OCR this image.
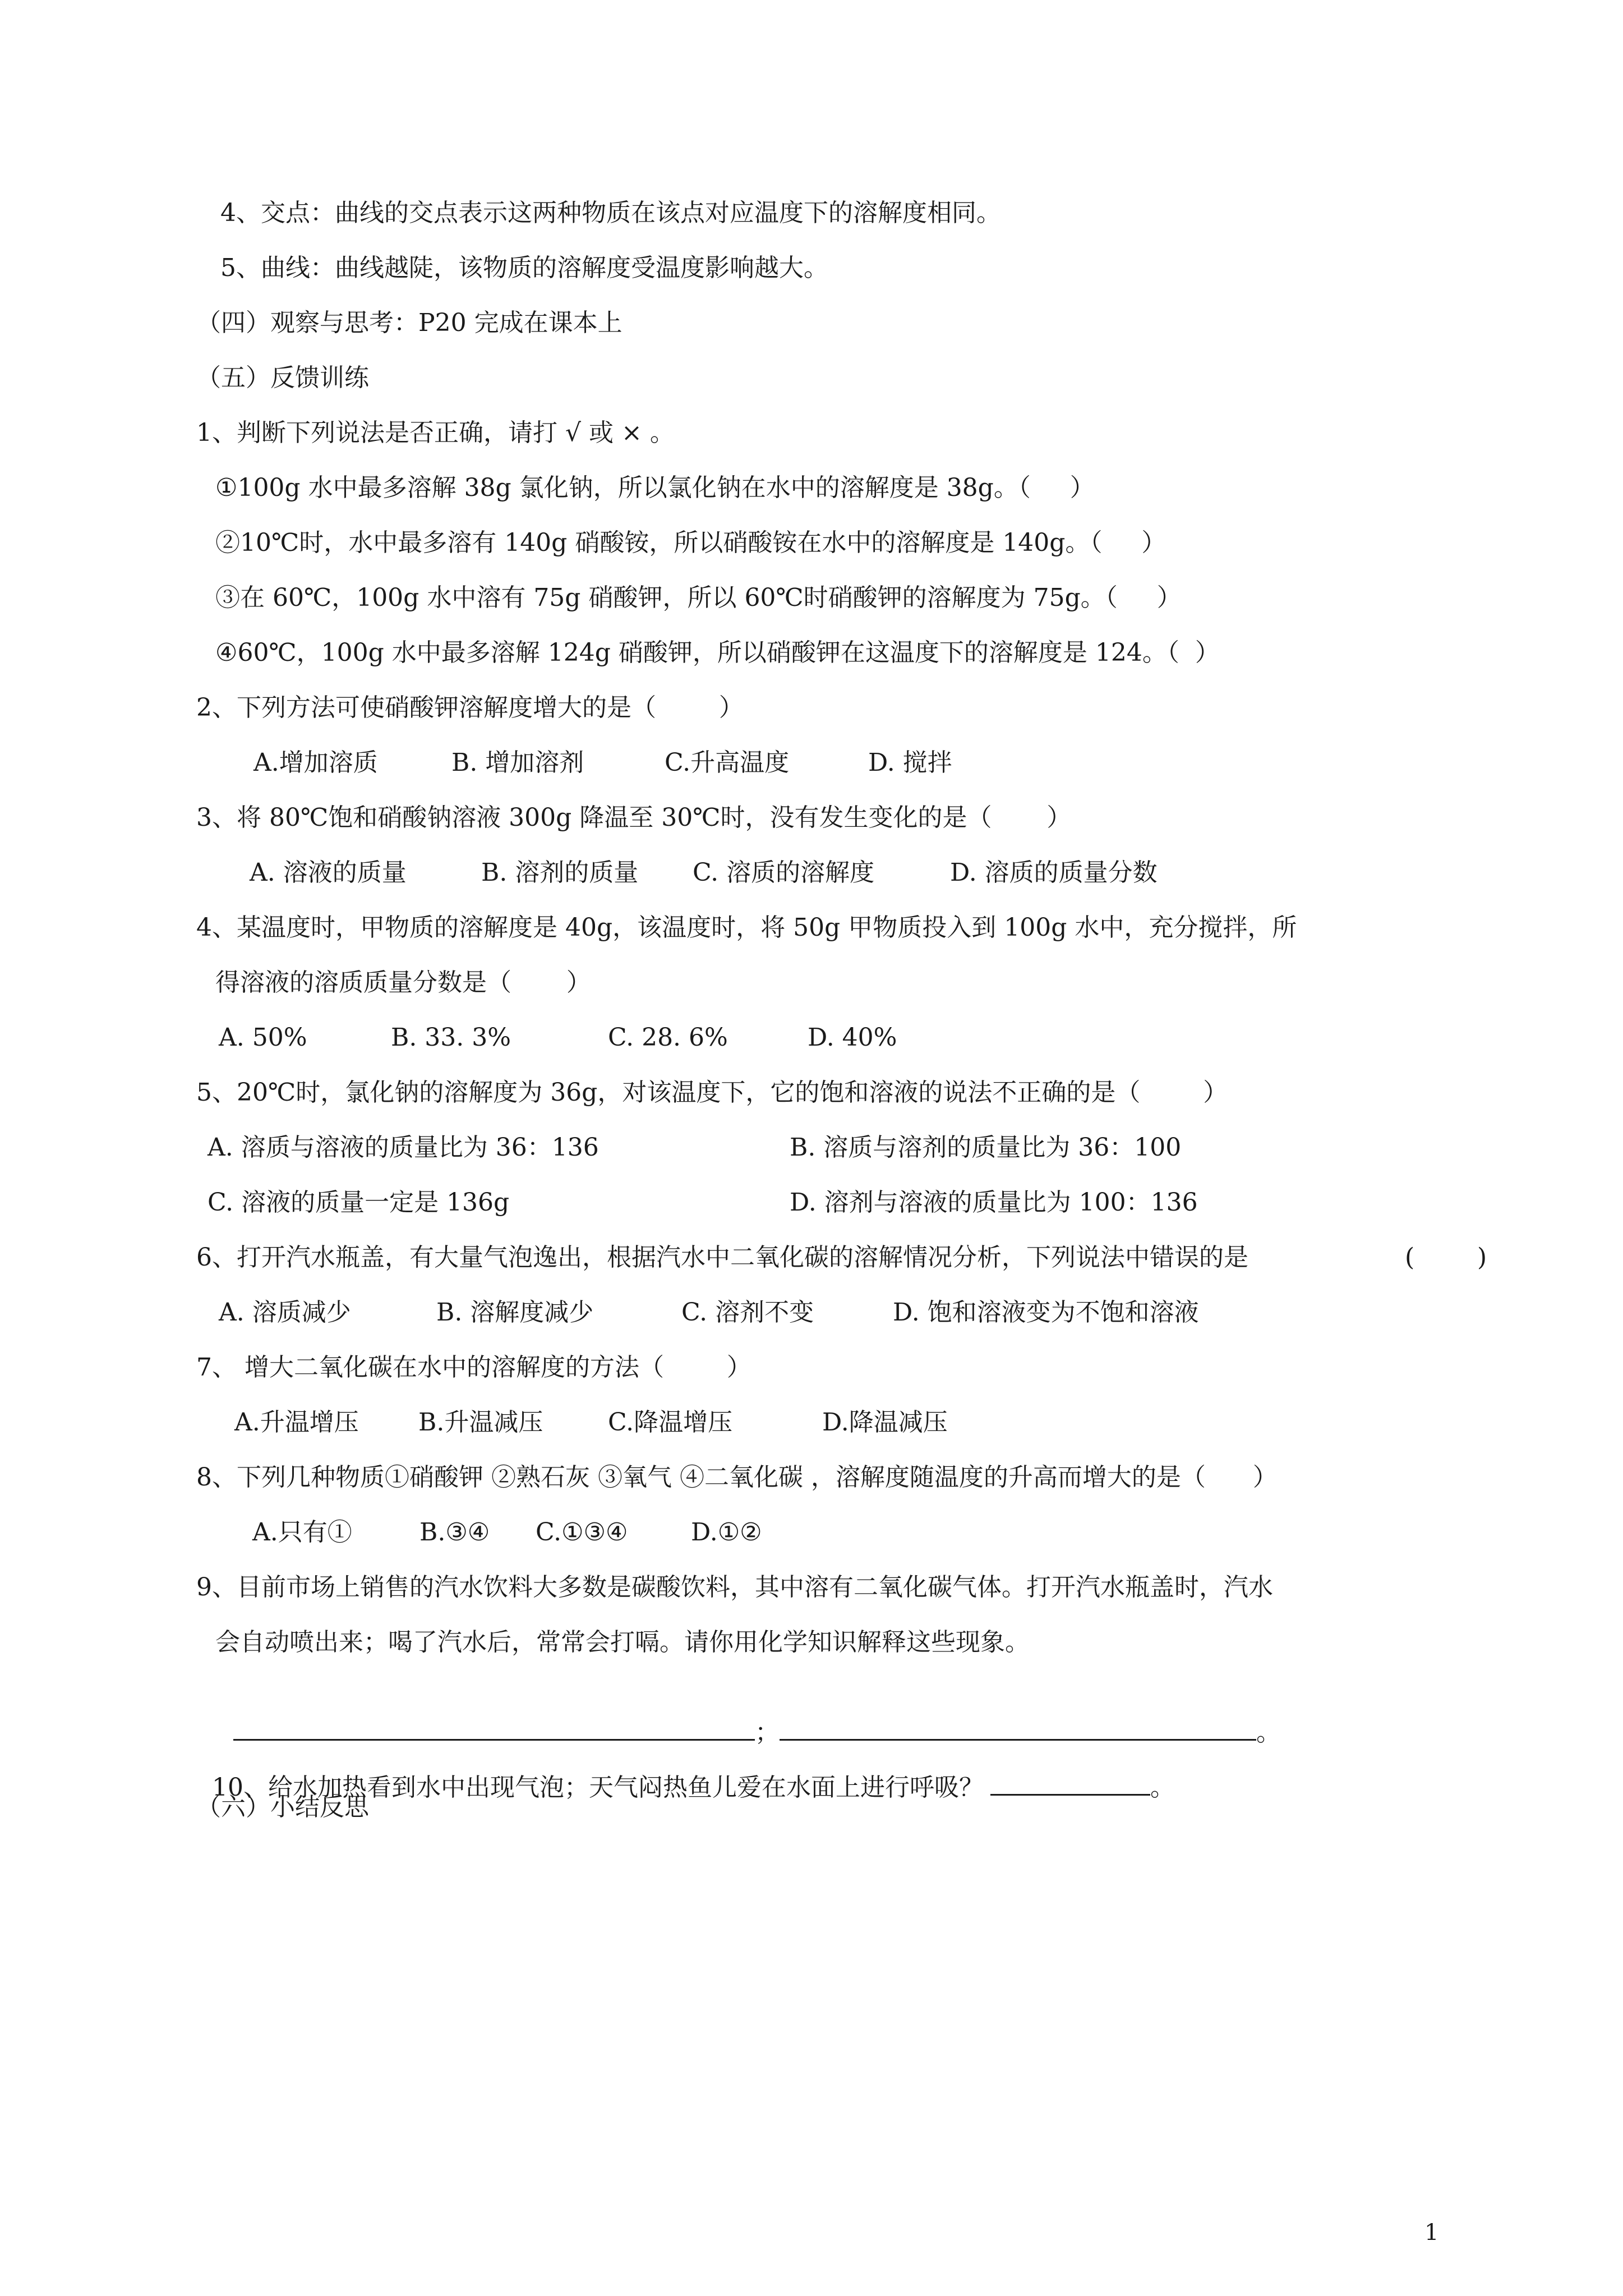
4、交点：曲线的交点表示这两种物质在该点对应温度下的溶解度相同。
5、曲线：曲线越陡，该物质的溶解度受温度影响越大。
（四）观察与思考：P20 完成在课本上
（五）反馈训练
1、判断下列说法是否正确，请打 √ 或 × 。
①100g 水中最多溶解 38g 氯化钠，所以氯化钠在水中的溶解度是 38g。（     ）
②10℃时，水中最多溶有 140g 硝酸铵，所以硝酸铵在水中的溶解度是 140g。（     ）
③在 60℃，100g 水中溶有 75g 硝酸钾，所以 60℃时硝酸钾的溶解度为 75g。（     ）
④60℃，100g 水中最多溶解 124g 硝酸钾，所以硝酸钾在这温度下的溶解度是 124。（  ）
2、下列方法可使硝酸钾溶解度增大的是（        ）
A.增加溶质	B. 增加溶剂	C.升高温度	D. 搅拌
3、将 80℃饱和硝酸钠溶液 300g 降温至 30℃时，没有发生变化的是（       ）
A. 溶液的质量	B. 溶剂的质量 C. 溶质的溶解度	D. 溶质的质量分数
4、某温度时，甲物质的溶解度是 40g，该温度时，将 50g 甲物质投入到 100g 水中，充分搅拌，所
得溶液的溶质质量分数是（       ）
A. 50%	B. 33. 3%	C. 28. 6%	D. 40%
5、20℃时，氯化钠的溶解度为 36g，对该温度下，它的饱和溶液的说法不正确的是（        ）
A. 溶质与溶液的质量比为 36：136	B. 溶质与溶剂的质量比为 36：100
C. 溶液的质量一定是 136g	D. 溶剂与溶液的质量比为 100：136
6、打开汽水瓶盖，有大量气泡逸出，根据汽水中二氧化碳的溶解情况分析，下列说法中错误的是	(        )
A. 溶质减少	B. 溶解度减少	C. 溶剂不变	D. 饱和溶液变为不饱和溶液
7、 增大二氧化碳在水中的溶解度的方法（        ）
A.升温增压 B.升温减压	C.降温增压	D.降温减压
8、下列几种物质①硝酸钾 ②熟石灰 ③氧气 ④二氧化碳 ，溶解度随温度的升高而增大的是（      ）
A.只有①	B.③④ C.①③④	D.①②
9、目前市场上销售的汽水饮料大多数是碳酸饮料，其中溶有二氧化碳气体。打开汽水瓶盖时，汽水
会自动喷出来；喝了汽水后，常常会打嗝。请你用化学知识解释这些现象。

；	。

10、给水加热看到水中出现气泡；天气闷热鱼儿爱在水面上进行呼吸？	。

（六）小结反思
1
